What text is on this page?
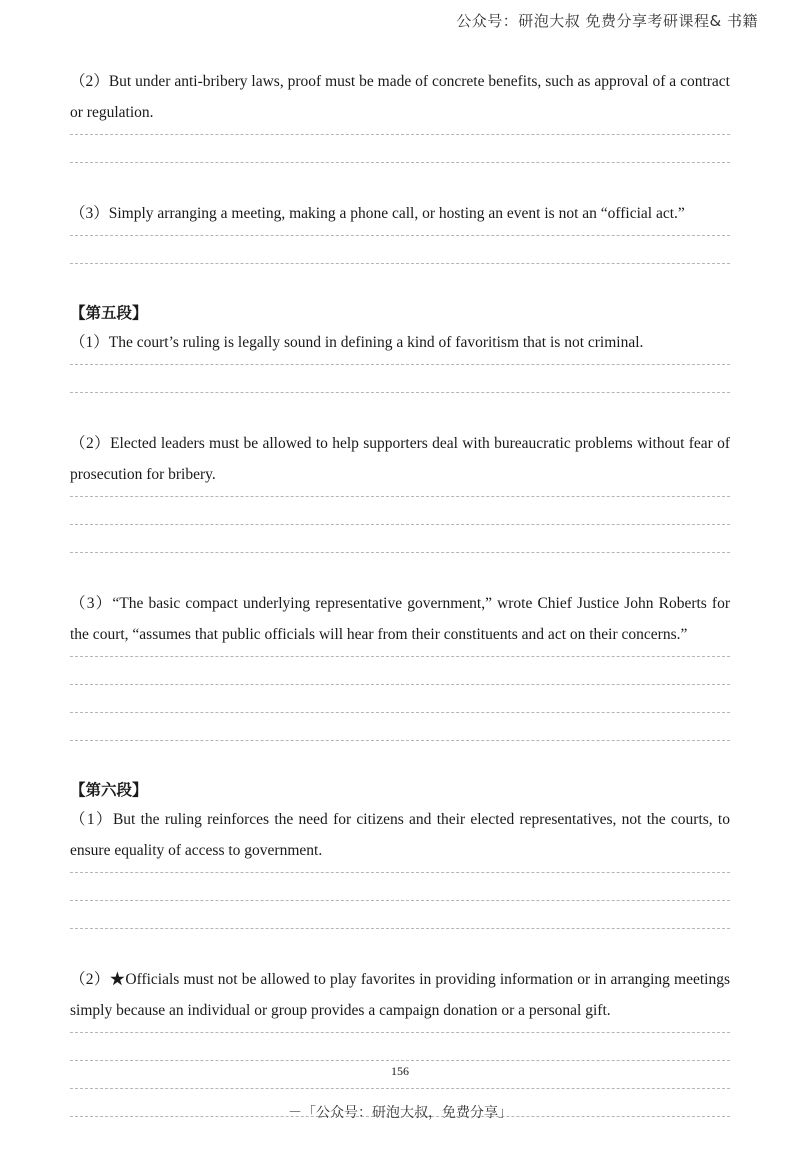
公众号：研泡大叔 免费分享考研课程& 书籍
（2）But under anti-bribery laws, proof must be made of concrete benefits, such as approval of a contract or regulation.
（3）Simply arranging a meeting, making a phone call, or hosting an event is not an “official act.”
【第五段】
（1）The court’s ruling is legally sound in defining a kind of favoritism that is not criminal.
（2）Elected leaders must be allowed to help supporters deal with bureaucratic problems without fear of prosecution for bribery.
（3）“The basic compact underlying representative government,” wrote Chief Justice John Roberts for the court, “assumes that public officials will hear from their constituents and act on their concerns.”
【第六段】
（1）But the ruling reinforces the need for citizens and their elected representatives, not the courts, to ensure equality of access to government.
（2）★Officials must not be allowed to play favorites in providing information or in arranging meetings simply because an individual or group provides a campaign donation or a personal gift.
156
－「公众号：研泡大叔，免费分享」
